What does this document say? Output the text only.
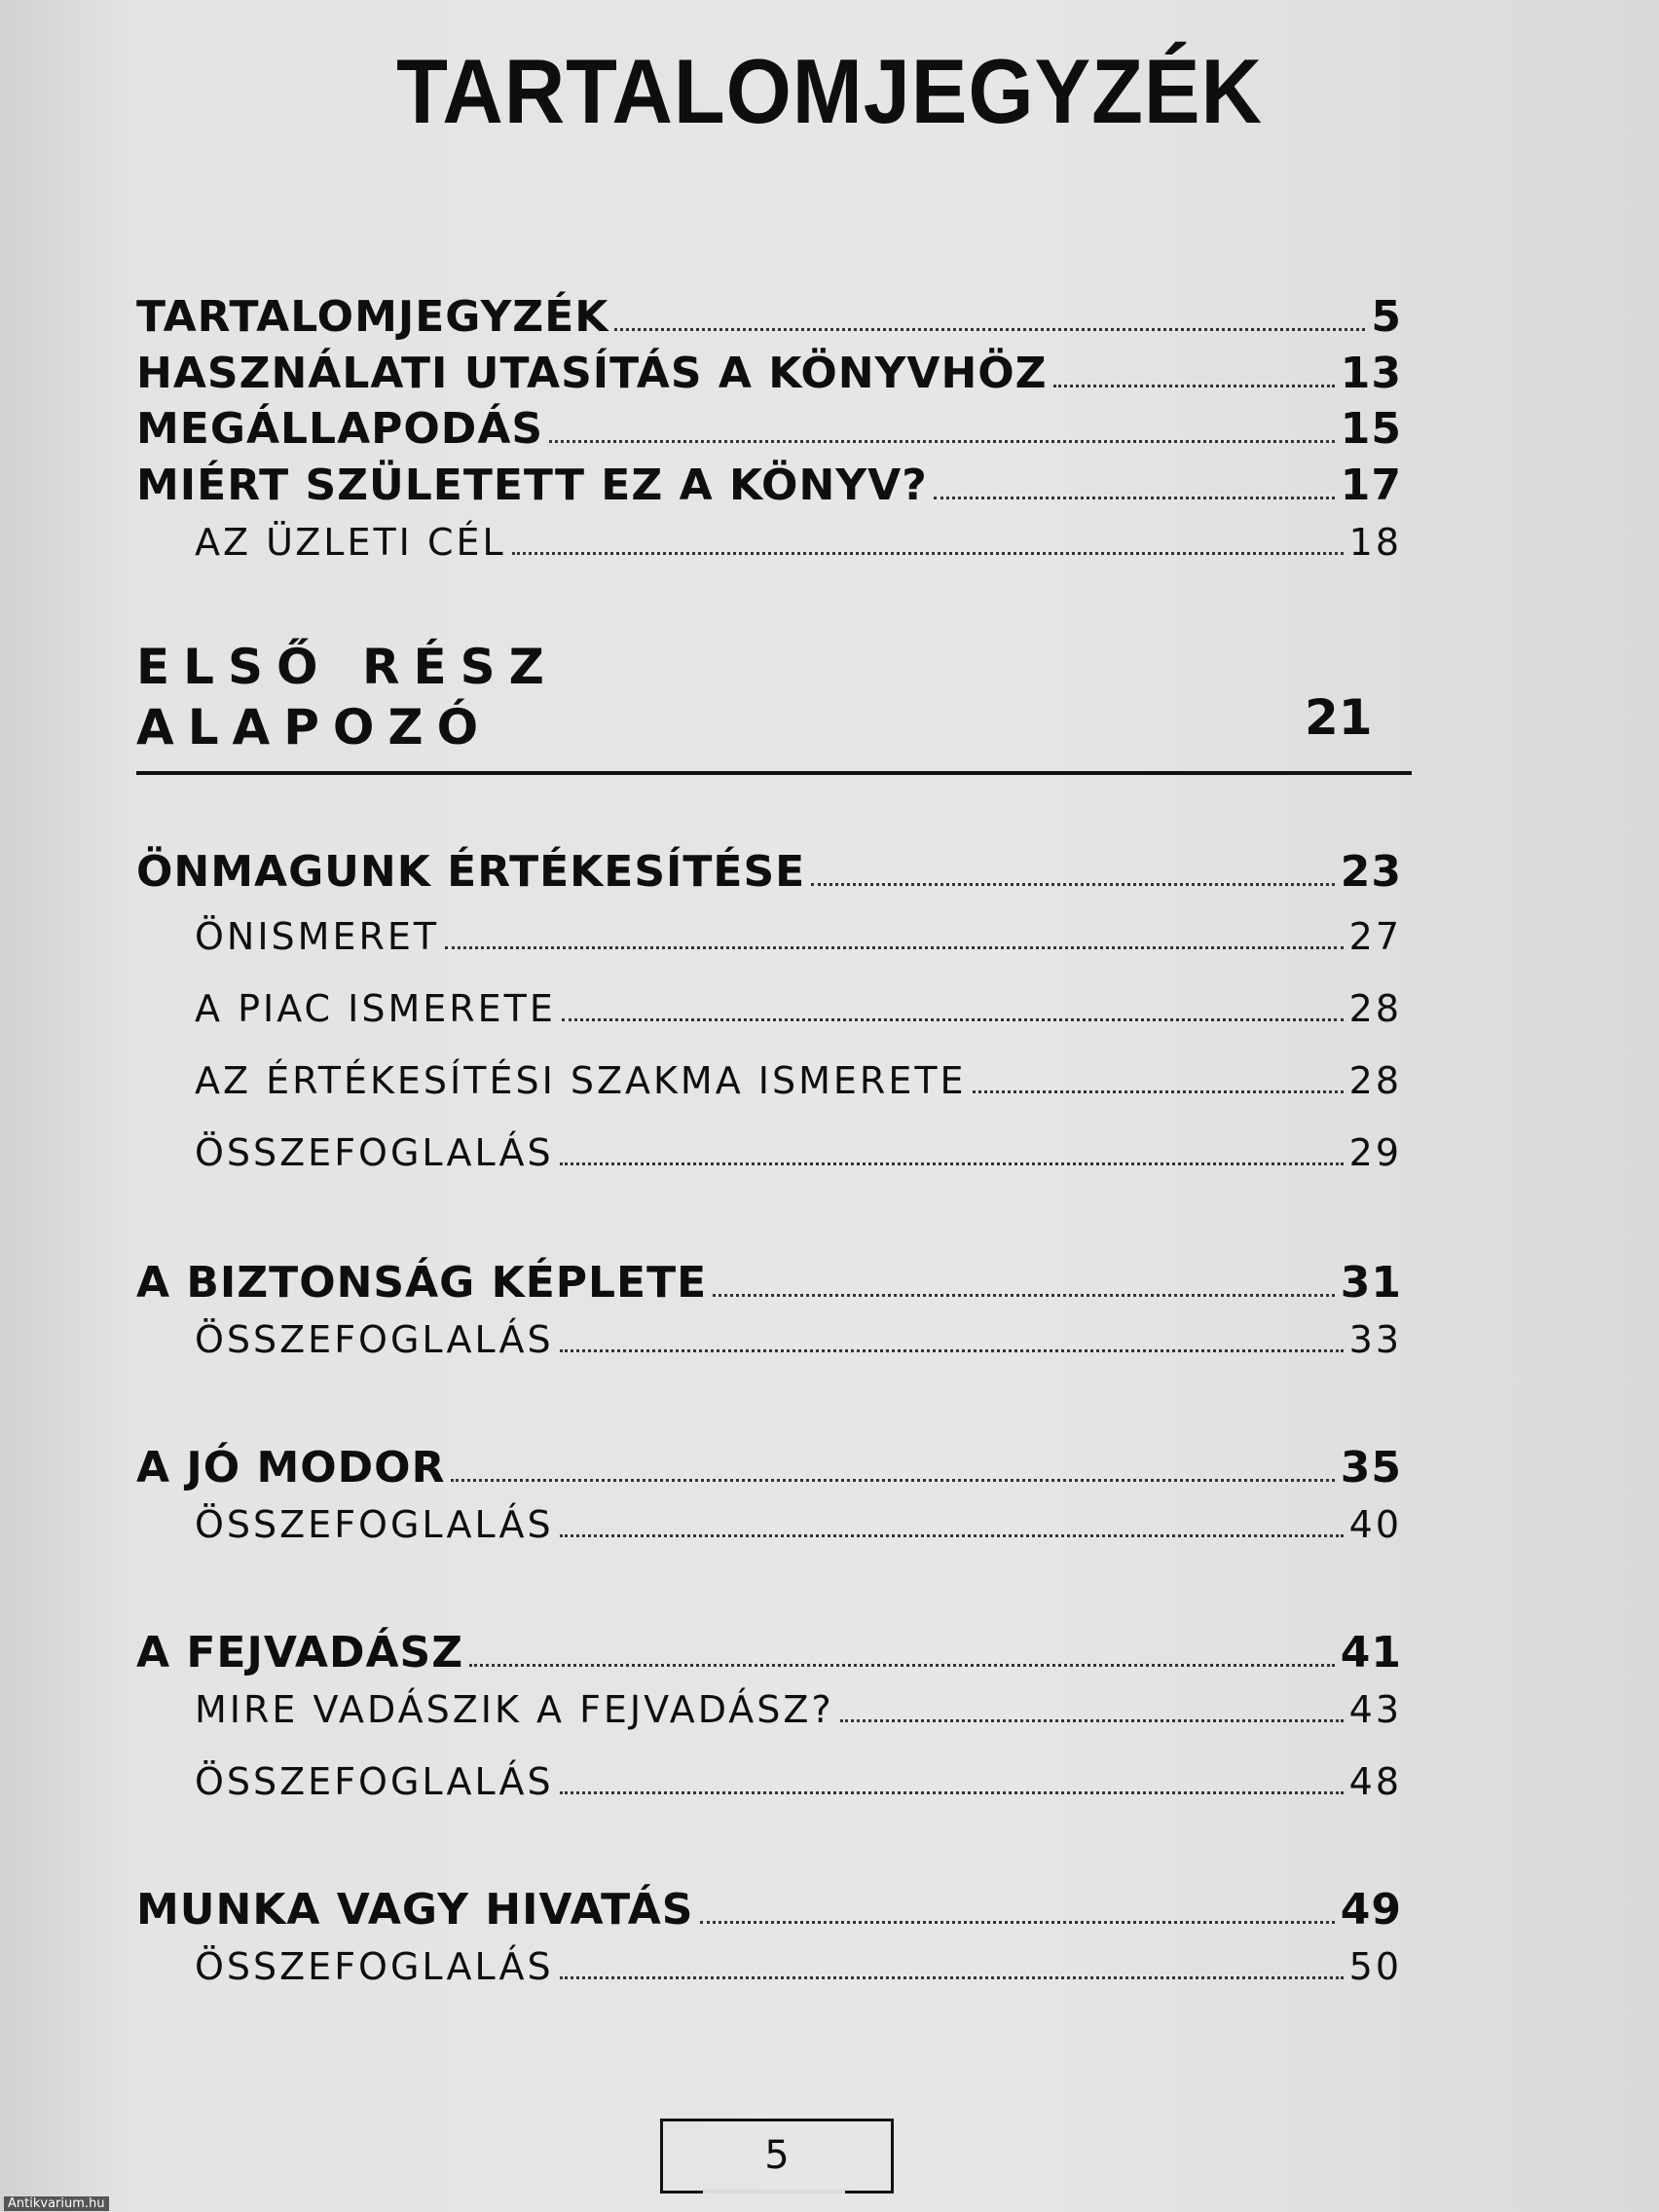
TARTALOMJEGYZÉK
TARTALOMJEGYZÉK	5
HASZNÁLATI UTASÍTÁS A KÖNYVHÖZ	13
MEGÁLLAPODÁS	15
MIÉRT SZÜLETETT EZ A KÖNYV?	17
AZ ÜZLETI CÉL	18
ELSŐ RÉSZ
ALAPOZÓ	21
ÖNMAGUNK ÉRTÉKESÍTÉSE	23
ÖNISMERET	27
A PIAC ISMERETE	28
AZ ÉRTÉKESÍTÉSI SZAKMA ISMERETE	28
ÖSSZEFOGLALÁS	29
A BIZTONSÁG KÉPLETE	31
ÖSSZEFOGLALÁS	33
A JÓ MODOR	35
ÖSSZEFOGLALÁS	40
A FEJVADÁSZ	41
MIRE VADÁSZIK A FEJVADÁSZ?	43
ÖSSZEFOGLALÁS	48
MUNKA VAGY HIVATÁS	49
ÖSSZEFOGLALÁS	50
5
Antikvarium.hu
